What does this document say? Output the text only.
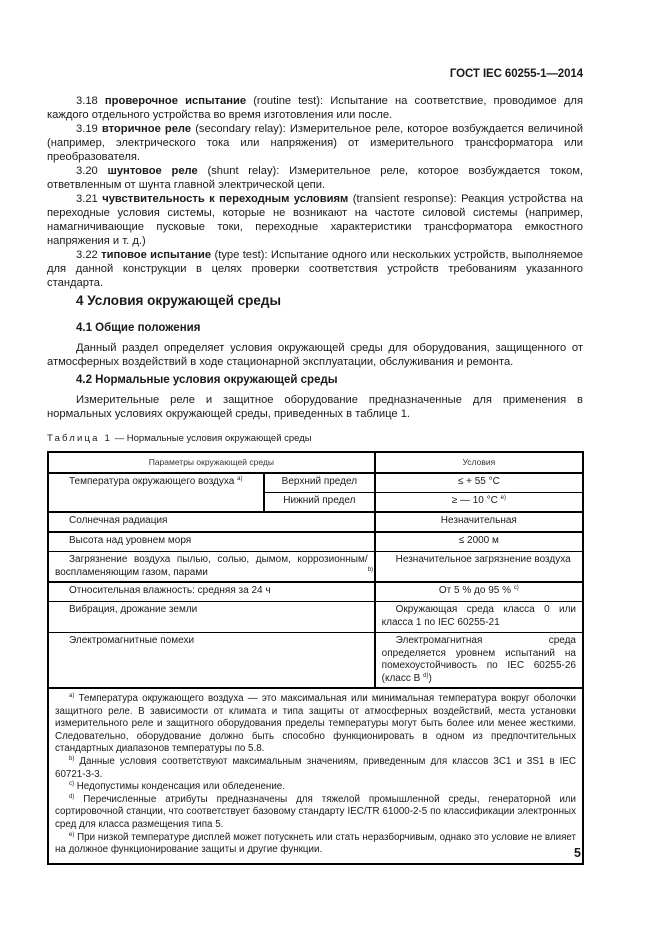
ГОСТ IEC 60255-1—2014

3.18 проверочное испытание (routine test): Испытание на соответствие, проводимое для каждого отдельного устройства во время изготовления или после.

3.19 вторичное реле (secondary relay): Измерительное реле, которое возбуждается величиной (например, электрического тока или напряжения) от измерительного трансформатора или преобразователя.

3.20 шунтовое реле (shunt relay): Измерительное реле, которое возбуждается током, ответвленным от шунта главной электрической цепи.

3.21 чувствительность к переходным условиям (transient response): Реакция устройства на переходные условия системы, которые не возникают на частоте силовой системы (например, намагничивающие пусковые токи, переходные характеристики трансформатора емкостного напряжения и т. д.)

3.22 типовое испытание (type test): Испытание одного или нескольких устройств, выполняемое для данной конструкции в целях проверки соответствия устройств требованиям указанного стандарта.

4 Условия окружающей среды
4.1 Общие положения

Данный раздел определяет условия окружающей среды для оборудования, защищенного от атмосферных воздействий в ходе стационарной эксплуатации, обслуживания и ремонта.

4.2 Нормальные условия окружающей среды

Измерительные реле и защитное оборудование предназначенные для применения в нормальных условиях окружающей среды, приведенных в таблице 1.

Таблица 1 — Нормальные условия окружающей среды
Параметры окружающей среды		Условия
Температура окружающего воздуха $^{а)}$	Верхний предел	≤ + 55 °С
	Нижний предел	≥ — 10 °С $^{е)}$
Солнечная радиация		Незначительная
Высота над уровнем моря		≤ 2000 м
Загрязнение воздуха пылью, солью, дымом, коррозионным/воспламеняющим газом, парами		Незначительное загрязнение воздуха
$^{b)}$
Относительная влажность: средняя за 24 ч		От 5 % до 95 % $^{с)}$
Вибрация, дрожание земли		Окружающая среда класса 0 или класса 1 по IEC 60255-21
Электромагнитные помехи		Электромагнитная среда определяется уровнем испытаний на помехоустойчивость по IEC 60255-26 (класс В $^{d)}$)

$^{а)}$ Температура окружающего воздуха — это максимальная или минимальная температура вокруг оболочки защитного реле. В зависимости от климата и типа защиты от атмосферных воздействий, места установки измерительного реле и защитного оборудования пределы температуры могут быть более или менее жесткими. Следовательно, оборудование должно быть способно функционировать в одном из предпочтительных стандартных диапазонов температуры по 5.8.

$^{b)}$ Данные условия соответствуют максимальным значениям, приведенным для классов 3С1 и 3S1 в IEC 60721-3-3.

$^{с)}$ Недопустимы конденсация или обледенение.

$^{d)}$ Перечисленные атрибуты предназначены для тяжелой промышленной среды, генераторной или сортировочной станции, что соответствует базовому стандарту IEC/TR 61000-2-5 по классификации электронных сред для класса размещения типа 5.

$^{е)}$ При низкой температуре дисплей может потускнеть или стать неразборчивым, однако это условие не влияет на должное функционирование защиты и другие функции.			5
